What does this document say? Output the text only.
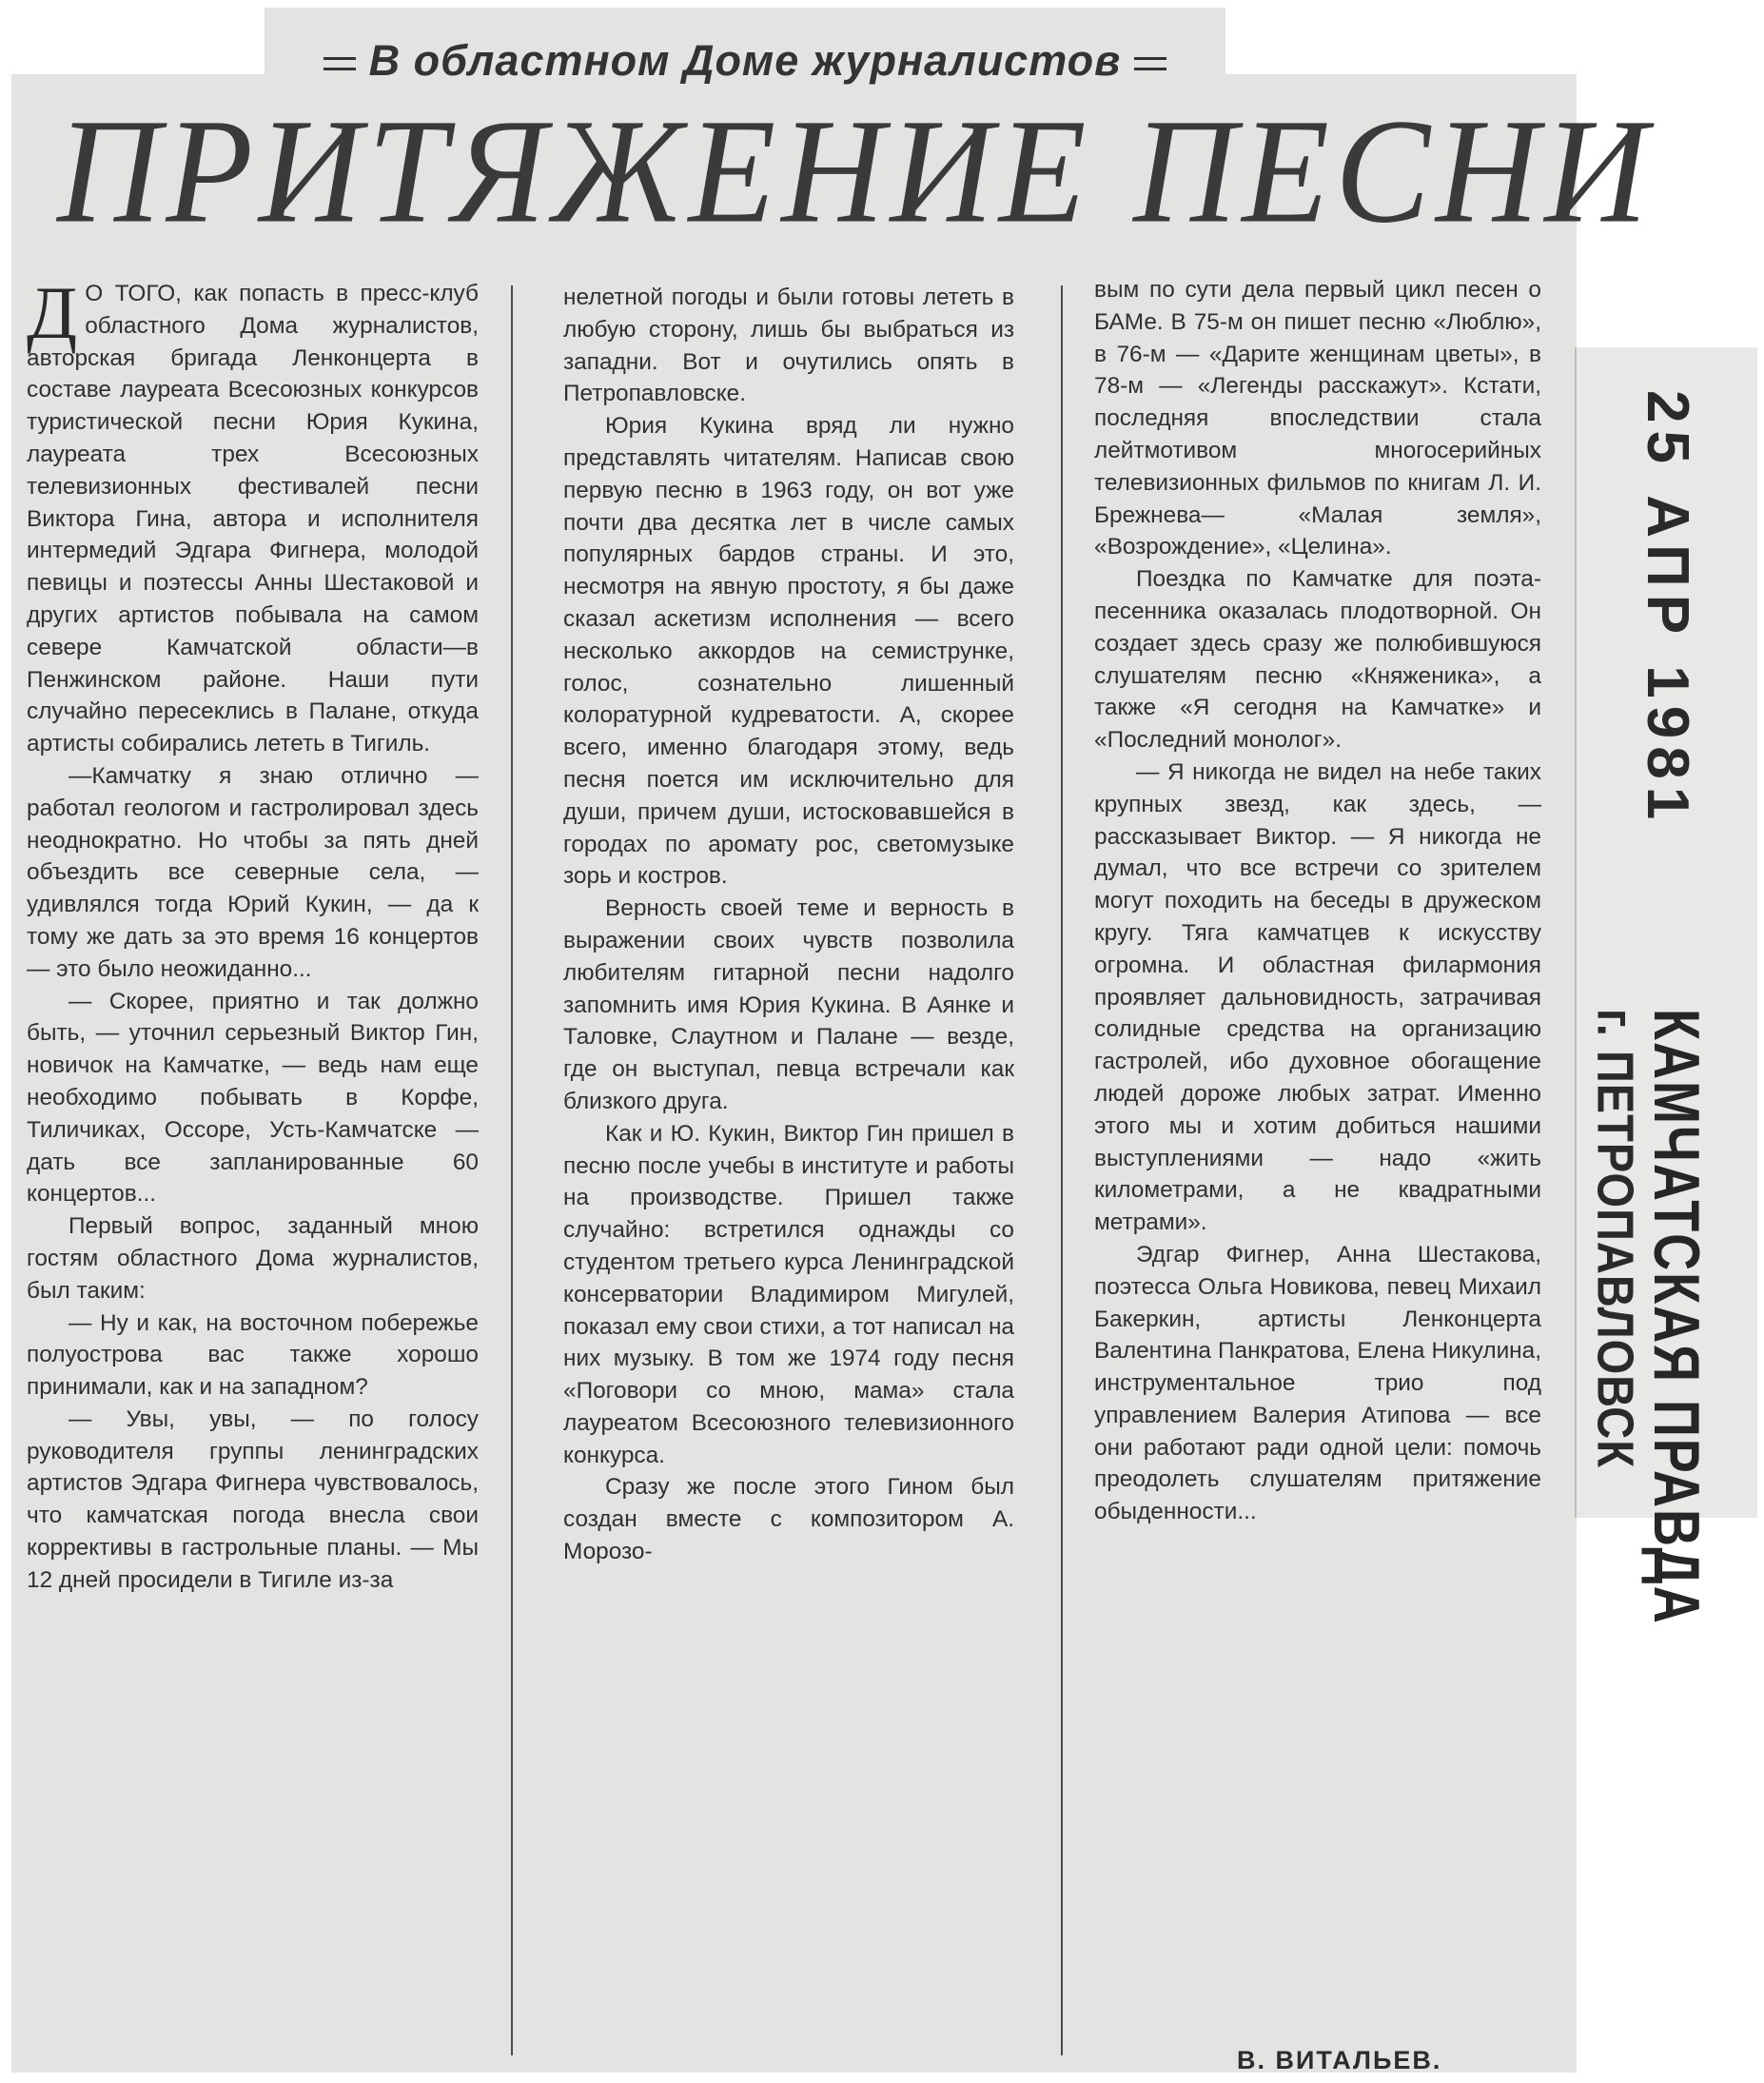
В областном Доме журналистов
ПРИТЯЖЕНИЕ ПЕСНИ

Д О ТОГО, как попасть в пресс-клуб областного Дома журналистов, авторская бригада Ленконцерта в составе лауреата Всесоюзных конкурсов туристической песни Юрия Кукина, лауреата трех Всесоюзных телевизионных фестивалей песни Виктора Гина, автора и исполнителя интермедий Эдгара Фигнера, молодой певицы и поэтессы Анны Шестаковой и других артистов побывала на самом севере Камчатской области—в Пенжинском районе. Наши пути случайно пересеклись в Палане, откуда артисты собирались лететь в Тигиль.

—Камчатку я знаю отлично — работал геологом и гастролировал здесь неоднократно. Но чтобы за пять дней объездить все северные села, — удивлялся тогда Юрий Кукин, — да к тому же дать за это время 16 концертов — это было неожиданно...

— Скорее, приятно и так должно быть, — уточнил серьезный Виктор Гин, новичок на Камчатке, — ведь нам еще необходимо побывать в Корфе, Тиличиках, Оссоре, Усть-Камчатске — дать все запланированные 60 концертов...

Первый вопрос, заданный мною гостям областного Дома журналистов, был таким:

— Ну и как, на восточном побережье полуострова вас также хорошо принимали, как и на западном?

— Увы, увы, — по голосу руководителя группы ленинградских артистов Эдгара Фигнера чувствовалось, что камчатская погода внесла свои коррективы в гастрольные планы. — Мы 12 дней просидели в Тигиле из-за

нелетной погоды и были готовы лететь в любую сторону, лишь бы выбраться из западни. Вот и очутились опять в Петропавловске.

Юрия Кукина вряд ли нужно представлять читателям. Написав свою первую песню в 1963 году, он вот уже почти два десятка лет в числе самых популярных бардов страны. И это, несмотря на явную простоту, я бы даже сказал аскетизм исполнения — всего несколько аккордов на семиструнке, голос, сознательно лишенный колоратурной кудреватости. А, скорее всего, именно благодаря этому, ведь песня поется им исключительно для души, причем души, истосковавшейся в городах по аромату рос, светомузыке зорь и костров.

Верность своей теме и верность в выражении своих чувств позволила любителям гитарной песни надолго запомнить имя Юрия Кукина. В Аянке и Таловке, Слаутном и Палане — везде, где он выступал, певца встречали как близкого друга.

Как и Ю. Кукин, Виктор Гин пришел в песню после учебы в институте и работы на производстве. Пришел также случайно: встретился однажды со студентом третьего курса Ленинградской консерватории Владимиром Мигулей, показал ему свои стихи, а тот написал на них музыку. В том же 1974 году песня «Поговори со мною, мама» стала лауреатом Всесоюзного телевизионного конкурса.

Сразу же после этого Гином был создан вместе с композитором А. Морозо-

вым по сути дела первый цикл песен о БАМе. В 75-м он пишет песню «Люблю», в 76-м — «Дарите женщинам цветы», в 78-м — «Легенды расскажут». Кстати, последняя впоследствии стала лейтмотивом многосерийных телевизионных фильмов по книгам Л. И. Брежнева— «Малая земля», «Возрождение», «Целина».

Поездка по Камчатке для поэта-песенника оказалась плодотворной. Он создает здесь сразу же полюбившуюся слушателям песню «Княженика», а также «Я сегодня на Камчатке» и «Последний монолог».

— Я никогда не видел на небе таких крупных звезд, как здесь, — рассказывает Виктор. — Я никогда не думал, что все встречи со зрителем могут походить на беседы в дружеском кругу. Тяга камчатцев к искусству огромна. И областная филармония проявляет дальновидность, затрачивая солидные средства на организацию гастролей, ибо духовное обогащение людей дороже любых затрат. Именно этого мы и хотим добиться нашими выступлениями — надо «жить километрами, а не квадратными метрами».

Эдгар Фигнер, Анна Шестакова, поэтесса Ольга Новикова, певец Михаил Бакеркин, артисты Ленконцерта Валентина Панкратова, Елена Никулина, инструментальное трио под управлением Валерия Атипова — все они работают ради одной цели: помочь преодолеть слушателям притяжение обыденности...

В. ВИТАЛЬЕВ.
25 АПР 1981
КАМЧАТСКАЯ ПРАВДА
г. ПЕТРОПАВЛОВСК
